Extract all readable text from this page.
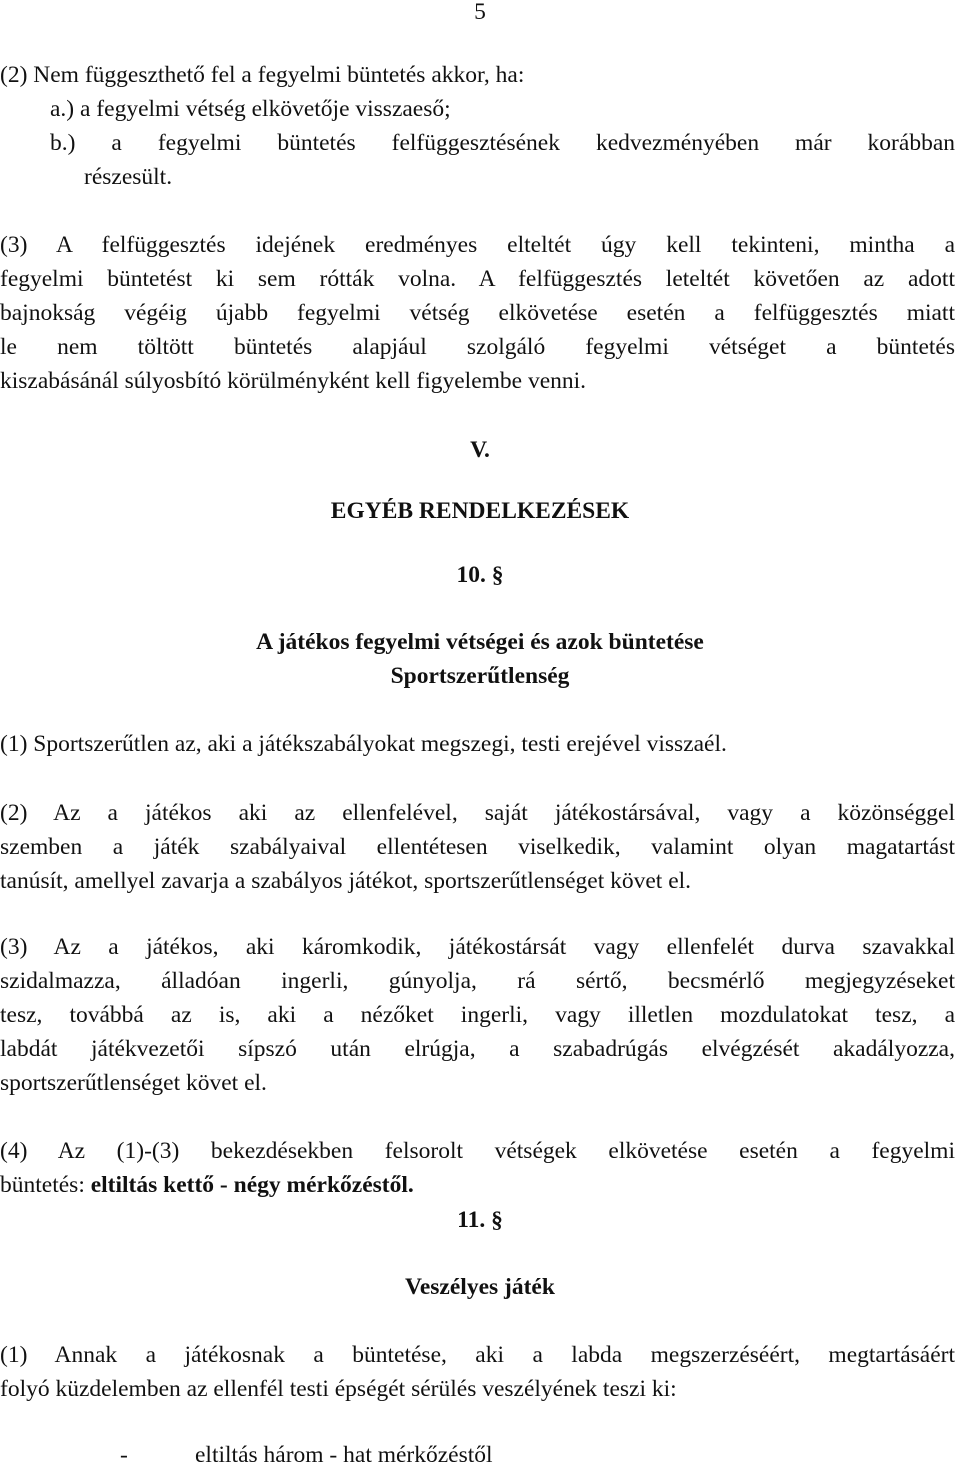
5
(2) Nem függeszthető fel a fegyelmi büntetés akkor, ha:
a.) a fegyelmi vétség elkövetője visszaeső;
b.) a fegyelmi büntetés felfüggesztésének kedvezményében már korábban
részesült.
(3) A felfüggesztés idejének eredményes elteltét úgy kell tekinteni, mintha a
fegyelmi büntetést ki sem rótták volna. A felfüggesztés leteltét követően az adott
bajnokság végéig újabb fegyelmi vétség elkövetése esetén a felfüggesztés miatt
le nem töltött büntetés alapjául szolgáló fegyelmi vétséget a büntetés
kiszabásánál súlyosbító körülményként kell figyelembe venni.
V.
EGYÉB RENDELKEZÉSEK
10. §
A játékos fegyelmi vétségei és azok büntetése
Sportszerűtlenség
(1) Sportszerűtlen az, aki a játékszabályokat megszegi, testi erejével visszaél.
(2) Az a játékos aki az ellenfelével, saját játékostársával, vagy a közönséggel
szemben a játék szabályaival ellentétesen viselkedik, valamint olyan magatartást
tanúsít, amellyel zavarja a szabályos játékot, sportszerűtlenséget követ el.
(3) Az a játékos, aki káromkodik, játékostársát vagy ellenfelét durva szavakkal
szidalmazza, álladóan ingerli, gúnyolja, rá sértő, becsmérlő megjegyzéseket
tesz, továbbá az is, aki a nézőket ingerli, vagy illetlen mozdulatokat tesz, a
labdát játékvezetői sípszó után elrúgja, a szabadrúgás elvégzését akadályozza,
sportszerűtlenséget követ el.
(4) Az (1)-(3) bekezdésekben felsorolt vétségek elkövetése esetén a fegyelmi
büntetés: eltiltás kettő - négy mérkőzéstől.
11. §
Veszélyes játék
(1) Annak a játékosnak a büntetése, aki a labda megszerzéséért, megtartásáért
folyó küzdelemben az ellenfél testi épségét sérülés veszélyének teszi ki:
-	eltiltás három - hat mérkőzéstől
